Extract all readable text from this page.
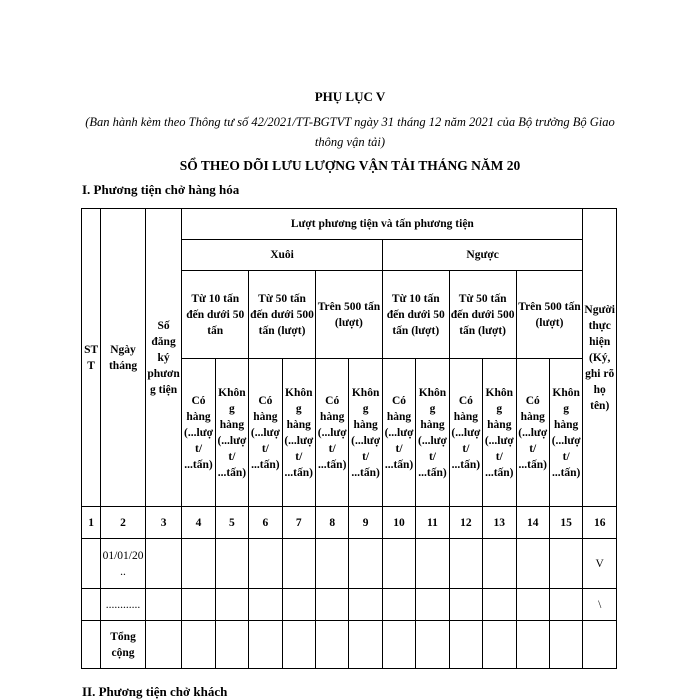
PHỤ LỤC V
(Ban hành kèm theo Thông tư số 42/2021/TT-BGTVT ngày 31 tháng 12 năm 2021 của Bộ trưởng Bộ Giao thông vận tải)
SỔ THEO DÕI LƯU LƯỢNG VẬN TẢI THÁNG NĂM 20
I. Phương tiện chở hàng hóa
STT	Ngày tháng	Số đăng ký phương tiện	Lượt phương tiện và tấn phương tiện												Người thực hiện (Ký, ghi rõ họ tên)
			Xuôi						Ngược						
			Từ 10 tấn đến dưới 50 tấn		Từ 50 tấn đến dưới 500 tấn (lượt)		Trên 500 tấn (lượt)		Từ 10 tấn đến dưới 50 tấn (lượt)		Từ 50 tấn đến dưới 500 tấn (lượt)		Trên 500 tấn (lượt)		
			Có hàng (...lượt/ ...tấn)	Không hàng (...lượt/ ...tấn)	Có hàng (...lượt/ ...tấn)	Không hàng (...lượt/ ...tấn)	Có hàng (...lượt/ ...tấn)	Không hàng (...lượt/ ...tấn)	Có hàng (...lượt/ ...tấn)	Không hàng (...lượt/ ...tấn)	Có hàng (...lượt/ ...tấn)	Không hàng (...lượt/ ...tấn)	Có hàng (...lượt/ ...tấn)	Không hàng (...lượt/ ...tấn)	
1	2	3	4	5	6	7	8	9	10	11	12	13	14	15	16
	01/01/20..														V
	............														\
	Tổng cộng														
II. Phương tiện chở khách
